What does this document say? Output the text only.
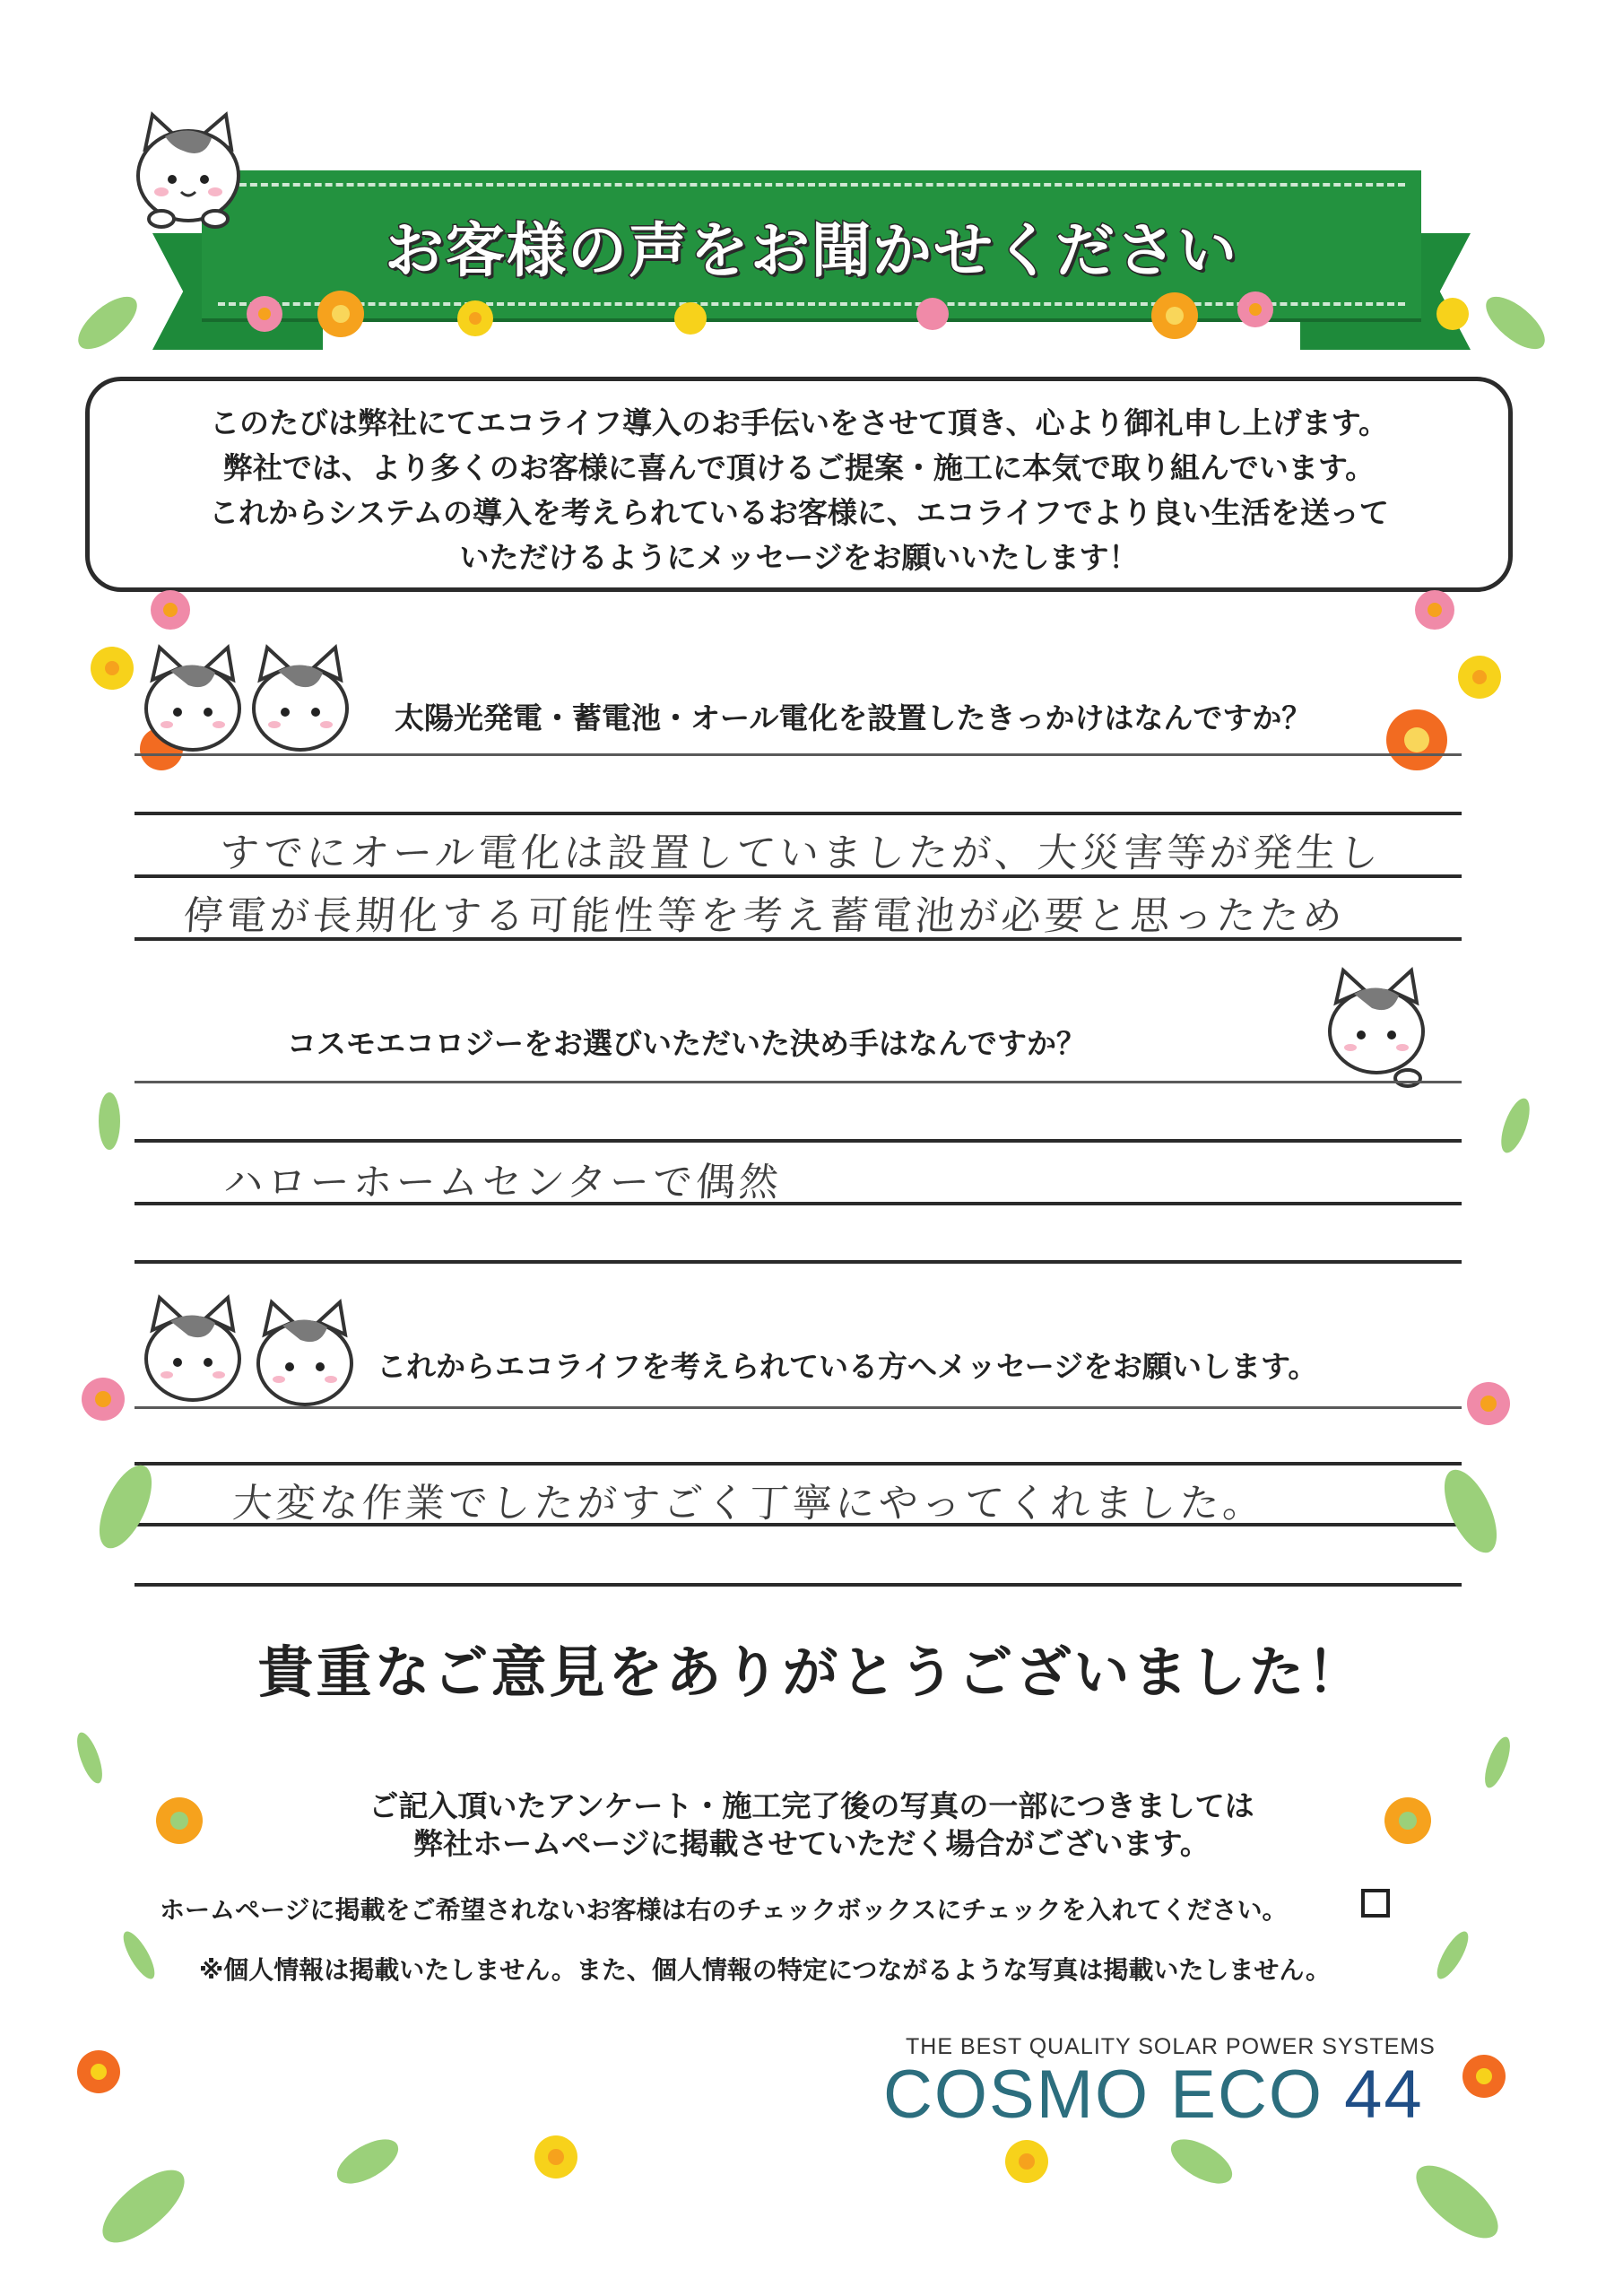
お客様の声をお聞かせください
このたびは弊社にてエコライフ導入のお手伝いをさせて頂き、心より御礼申し上げます。
弊社では、より多くのお客様に喜んで頂けるご提案・施工に本気で取り組んでいます。
これからシステムの導入を考えられているお客様に、エコライフでより良い生活を送って
いただけるようにメッセージをお願いいたします！
太陽光発電・蓄電池・オール電化を設置したきっかけはなんですか？
すでにオール電化は設置していましたが、大災害等が発生し
停電が長期化する可能性等を考え蓄電池が必要と思ったため
コスモエコロジーをお選びいただいた決め手はなんですか？
ハローホームセンターで偶然
これからエコライフを考えられている方へメッセージをお願いします。
大変な作業でしたがすごく丁寧にやってくれました。
貴重なご意見をありがとうございました！
ご記入頂いたアンケート・施工完了後の写真の一部につきましては
弊社ホームページに掲載させていただく場合がございます。
ホームページに掲載をご希望されないお客様は右のチェックボックスにチェックを入れてください。
※個人情報は掲載いたしません。また、個人情報の特定につながるような写真は掲載いたしません。
THE BEST QUALITY SOLAR POWER SYSTEMS
COSMO ECO 44
